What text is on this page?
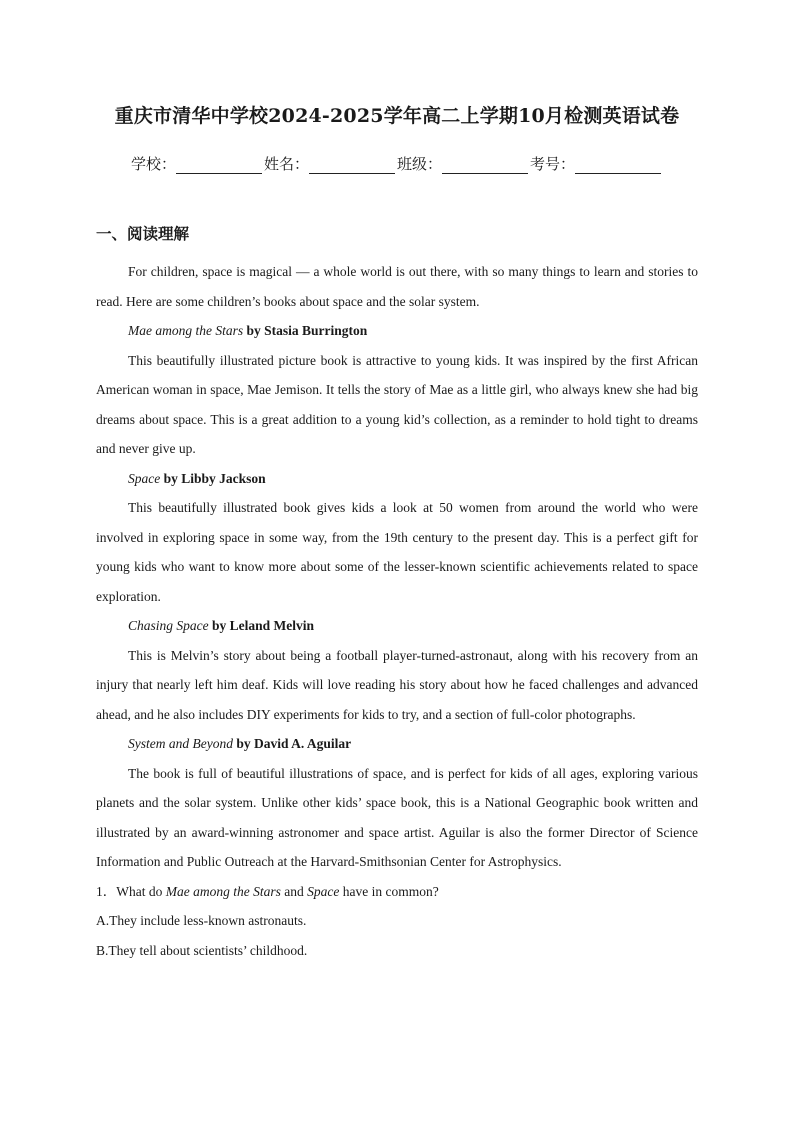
重庆市清华中学校2024-2025学年高二上学期10月检测英语试卷
学校：	姓名：	班级：	考号：
一、阅读理解

For children, space is magical — a whole world is out there, with so many things to learn and stories to read. Here are some children’s books about space and the solar system.

Mae among the Stars by Stasia Burrington

This beautifully illustrated picture book is attractive to young kids. It was inspired by the first African American woman in space, Mae Jemison. It tells the story of Mae as a little girl, who always knew she had big dreams about space. This is a great addition to a young kid’s collection, as a reminder to hold tight to dreams and never give up.

Space by Libby Jackson

This beautifully illustrated book gives kids a look at 50 women from around the world who were involved in exploring space in some way, from the 19th century to the present day. This is a perfect gift for young kids who want to know more about some of the lesser-known scientific achievements related to space exploration.

Chasing Space by Leland Melvin

This is Melvin’s story about being a football player-turned-astronaut, along with his recovery from an injury that nearly left him deaf. Kids will love reading his story about how he faced challenges and advanced ahead, and he also includes DIY experiments for kids to try, and a section of full-color photographs.

System and Beyond by David A. Aguilar

The book is full of beautiful illustrations of space, and is perfect for kids of all ages, exploring various planets and the solar system. Unlike other kids’ space book, this is a National Geographic book written and illustrated by an award-winning astronomer and space artist. Aguilar is also the former Director of Science Information and Public Outreach at the Harvard-Smithsonian Center for Astrophysics.

1．What do Mae among the Stars and Space have in common?
A.They include less-known astronauts.
B.They tell about scientists’ childhood.
